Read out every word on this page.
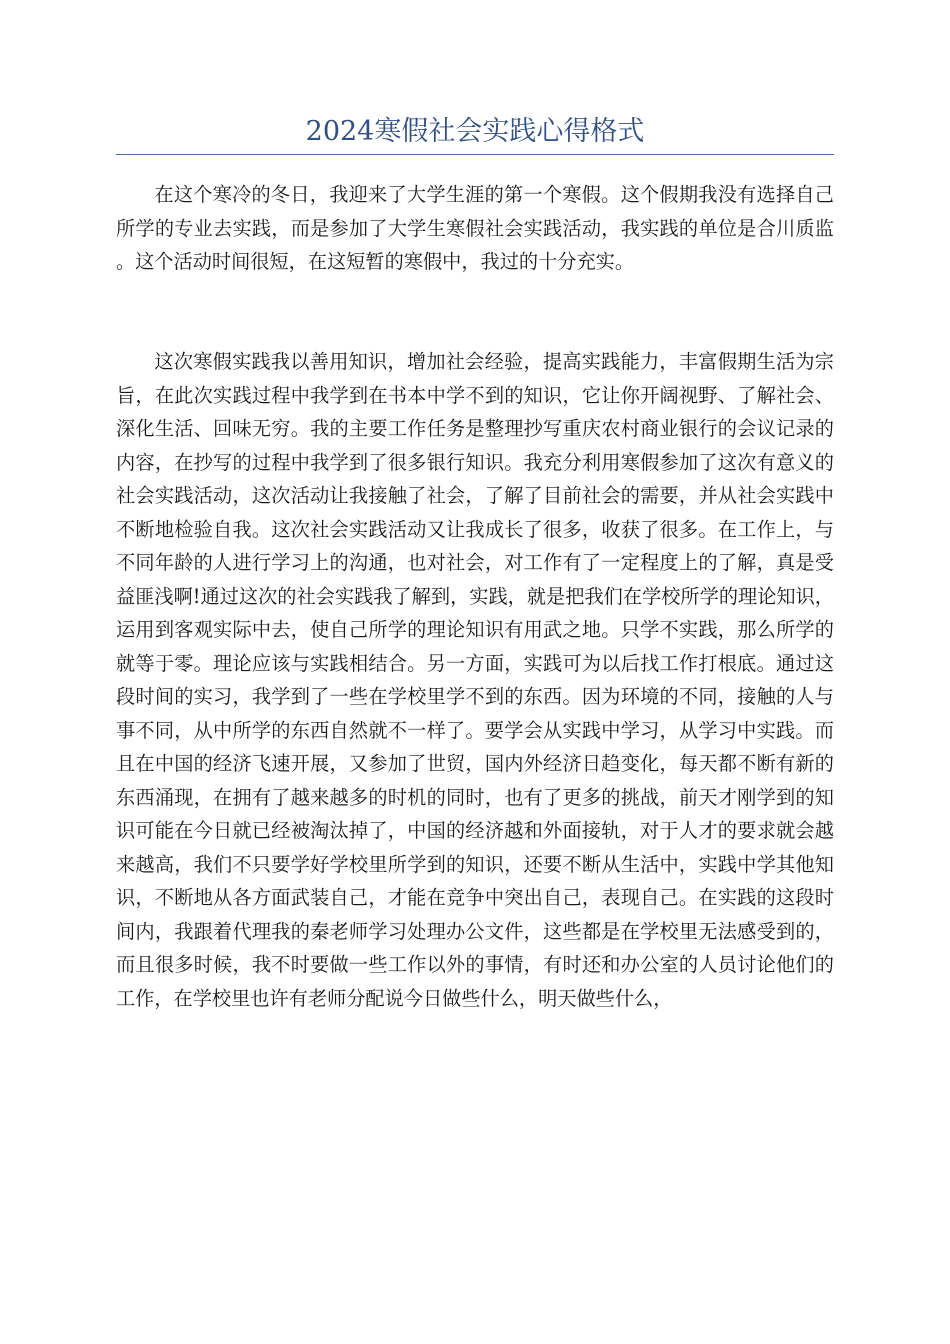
2024寒假社会实践心得格式

在这个寒冷的冬日，我迎来了大学生涯的第一个寒假。这个假期我没有选择自己所学的专业去实践，而是参加了大学生寒假社会实践活动，我实践的单位是合川质监。这个活动时间很短，在这短暂的寒假中，我过的十分充实。

这次寒假实践我以善用知识，增加社会经验，提高实践能力，丰富假期生活为宗旨，在此次实践过程中我学到在书本中学不到的知识，它让你开阔视野、了解社会、深化生活、回味无穷。我的主要工作任务是整理抄写重庆农村商业银行的会议记录的内容，在抄写的过程中我学到了很多银行知识。我充分利用寒假参加了这次有意义的社会实践活动，这次活动让我接触了社会，了解了目前社会的需要，并从社会实践中不断地检验自我。这次社会实践活动又让我成长了很多，收获了很多。在工作上，与不同年龄的人进行学习上的沟通，也对社会，对工作有了一定程度上的了解，真是受益匪浅啊!通过这次的社会实践我了解到，实践，就是把我们在学校所学的理论知识，运用到客观实际中去，使自己所学的理论知识有用武之地。只学不实践，那么所学的就等于零。理论应该与实践相结合。另一方面，实践可为以后找工作打根底。通过这段时间的实习，我学到了一些在学校里学不到的东西。因为环境的不同，接触的人与事不同，从中所学的东西自然就不一样了。要学会从实践中学习，从学习中实践。而且在中国的经济飞速开展，又参加了世贸，国内外经济日趋变化，每天都不断有新的东西涌现，在拥有了越来越多的时机的同时，也有了更多的挑战，前天才刚学到的知识可能在今日就已经被淘汰掉了，中国的经济越和外面接轨，对于人才的要求就会越来越高，我们不只要学好学校里所学到的知识，还要不断从生活中，实践中学其他知识，不断地从各方面武装自己，才能在竞争中突出自己，表现自己。在实践的这段时间内，我跟着代理我的秦老师学习处理办公文件，这些都是在学校里无法感受到的，而且很多时候，我不时要做一些工作以外的事情，有时还和办公室的人员讨论他们的工作，在学校里也许有老师分配说今日做些什么，明天做些什么，
